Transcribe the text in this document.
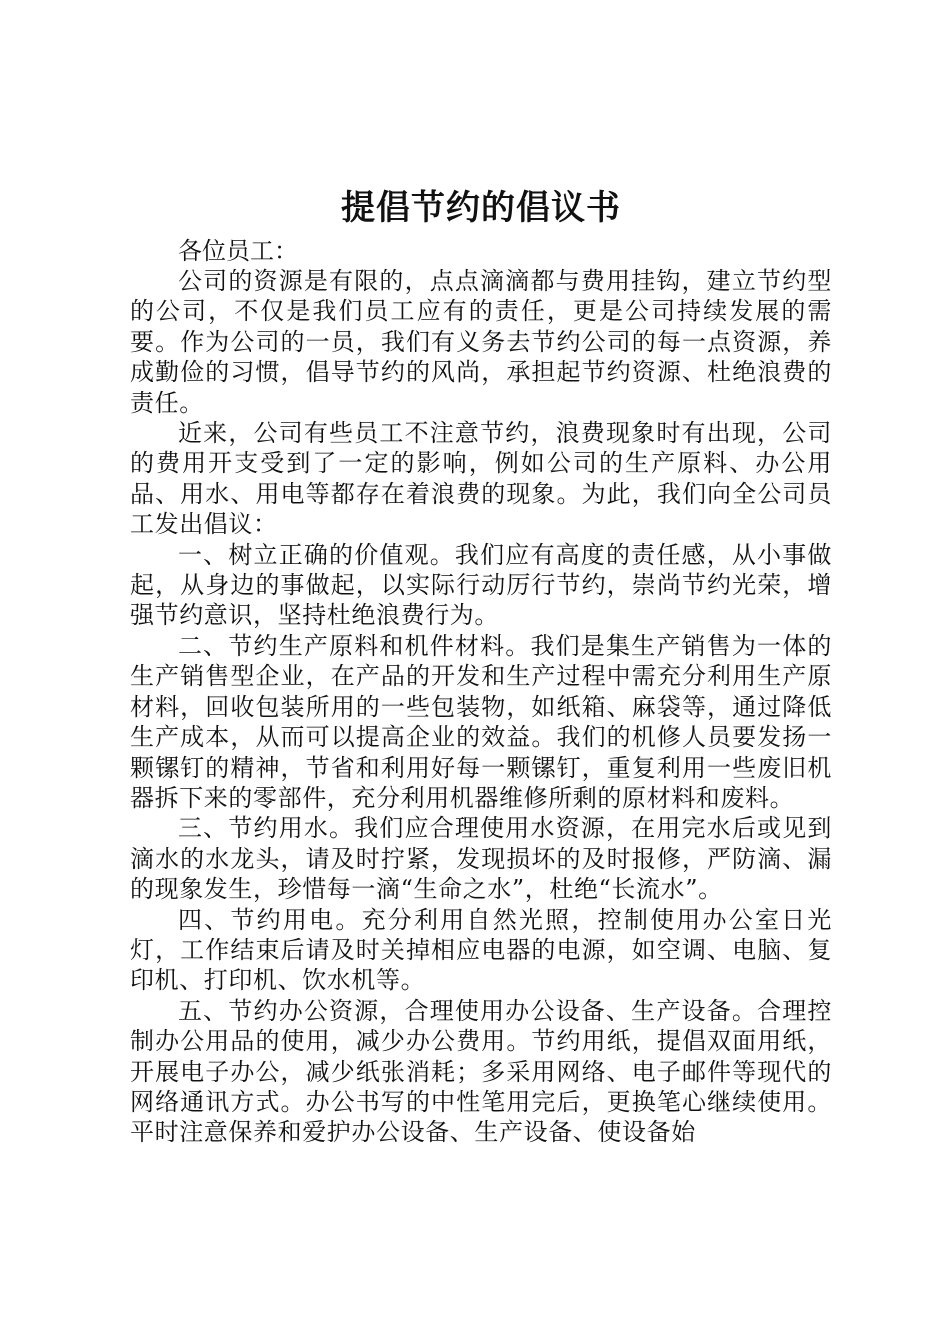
提倡节约的倡议书

各位员工：

公司的资源是有限的，点点滴滴都与费用挂钩，建立节约型的公司，不仅是我们员工应有的责任，更是公司持续发展的需要。作为公司的一员，我们有义务去节约公司的每一点资源，养成勤俭的习惯，倡导节约的风尚，承担起节约资源、杜绝浪费的责任。

近来，公司有些员工不注意节约，浪费现象时有出现，公司的费用开支受到了一定的影响，例如公司的生产原料、办公用品、用水、用电等都存在着浪费的现象。为此，我们向全公司员工发出倡议：

一、树立正确的价值观。我们应有高度的责任感，从小事做起，从身边的事做起，以实际行动厉行节约，崇尚节约光荣，增强节约意识，坚持杜绝浪费行为。

二、节约生产原料和机件材料。我们是集生产销售为一体的生产销售型企业，在产品的开发和生产过程中需充分利用生产原材料，回收包装所用的一些包装物，如纸箱、麻袋等，通过降低生产成本，从而可以提高企业的效益。我们的机修人员要发扬一颗镙钉的精神，节省和利用好每一颗镙钉，重复利用一些废旧机器拆下来的零部件，充分利用机器维修所剩的原材料和废料。

三、节约用水。我们应合理使用水资源，在用完水后或见到滴水的水龙头，请及时拧紧，发现损坏的及时报修，严防滴、漏的现象发生，珍惜每一滴“生命之水”，杜绝“长流水”。

四、节约用电。充分利用自然光照，控制使用办公室日光灯，工作结束后请及时关掉相应电器的电源，如空调、电脑、复印机、打印机、饮水机等。

五、节约办公资源，合理使用办公设备、生产设备。合理控制办公用品的使用，减少办公费用。节约用纸，提倡双面用纸，开展电子办公，减少纸张消耗；多采用网络、电子邮件等现代的网络通讯方式。办公书写的中性笔用完后，更换笔心继续使用。平时注意保养和爱护办公设备、生产设备、使设备始
